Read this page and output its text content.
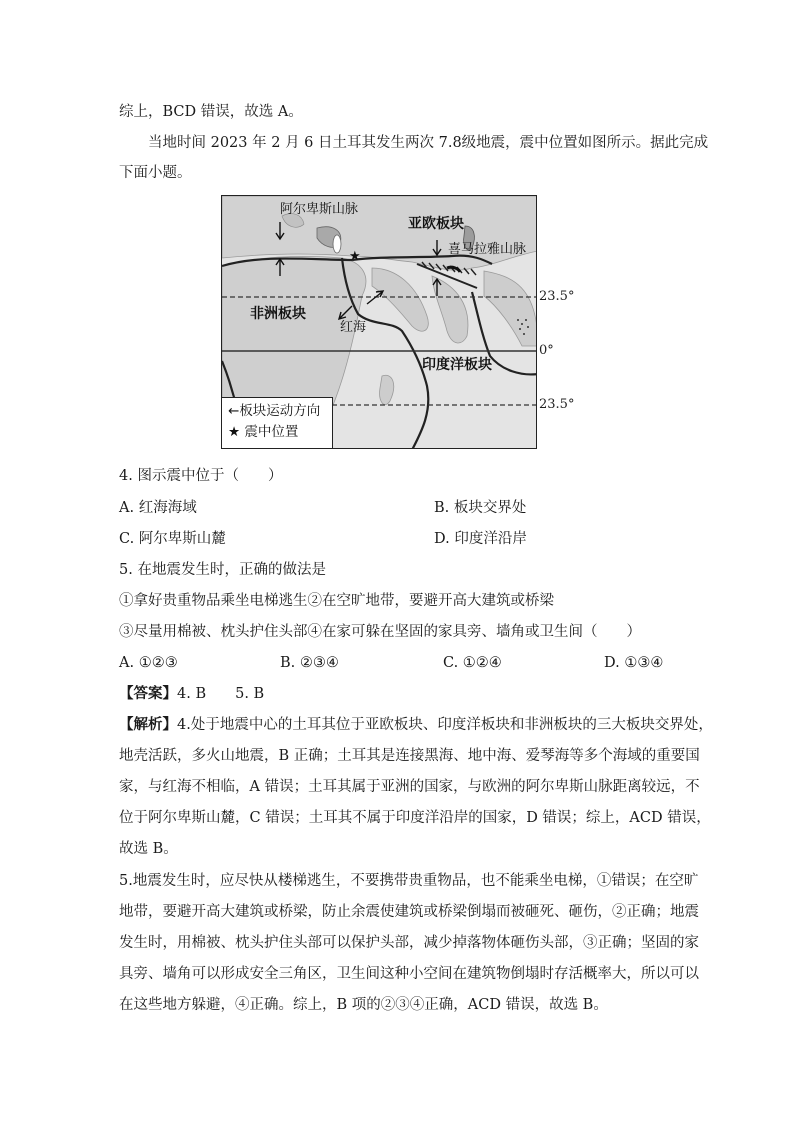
综上，BCD 错误，故选 A。
当地时间 2023 年 2 月 6 日土耳其发生两次 7.8级地震，震中位置如图所示。据此完成
下面小题。
★
阿尔卑斯山脉
亚欧板块
喜马拉雅山脉
非洲板块
红海
印度洋板块
←板块运动方向
★ 震中位置
23.5°
0°
23.5°
4. 图示震中位于（　　）
A. 红海海域	B. 板块交界处
C. 阿尔卑斯山麓	D. 印度洋沿岸
5. 在地震发生时，正确的做法是
①拿好贵重物品乘坐电梯逃生②在空旷地带，要避开高大建筑或桥梁
③尽量用棉被、枕头护住头部④在家可躲在坚固的家具旁、墙角或卫生间（　　）
A. ①②③	B. ②③④	C. ①②④	D. ①③④
【答案】4. B　　5. B
【解析】4.处于地震中心的土耳其位于亚欧板块、印度洋板块和非洲板块的三大板块交界处，
地壳活跃，多火山地震，B 正确；土耳其是连接黑海、地中海、爱琴海等多个海域的重要国
家，与红海不相临，A 错误；土耳其属于亚洲的国家，与欧洲的阿尔卑斯山脉距离较远，不
位于阿尔卑斯山麓，C 错误；土耳其不属于印度洋沿岸的国家，D 错误；综上，ACD 错误，
故选 B。
5.地震发生时，应尽快从楼梯逃生，不要携带贵重物品，也不能乘坐电梯，①错误；在空旷
地带，要避开高大建筑或桥梁，防止余震使建筑或桥梁倒塌而被砸死、砸伤，②正确；地震
发生时，用棉被、枕头护住头部可以保护头部，减少掉落物体砸伤头部，③正确；坚固的家
具旁、墙角可以形成安全三角区，卫生间这种小空间在建筑物倒塌时存活概率大，所以可以
在这些地方躲避，④正确。综上，B 项的②③④正确，ACD 错误，故选 B。
